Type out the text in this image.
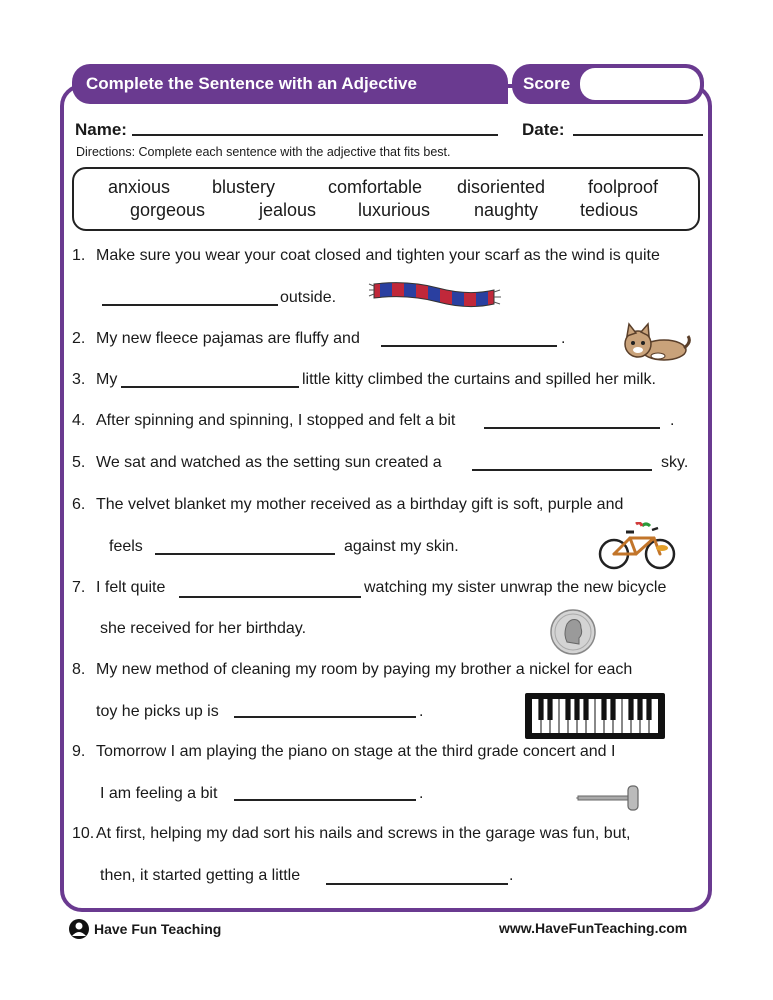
Complete the Sentence with an Adjective	Score
Name:	Date:
Directions: Complete each sentence with the adjective that fits best.
anxious blustery	comfortable disoriented foolproof
gorgeous	jealous luxurious naughty tedious
1. Make sure you wear your coat closed and tighten your scarf as the wind is quite
outside.
2. My new fleece pajamas are fluffy and	.
3. My	little kitty climbed the curtains and spilled her milk.
4. After spinning and spinning, I stopped and felt a bit	.
5. We sat and watched as the setting sun created a	sky.
6. The velvet blanket my mother received as a birthday gift is soft, purple and
feels	against my skin.
7. I felt quite	watching my sister unwrap the new bicycle
she received for her birthday.
8. My new method of cleaning my room by paying my brother a nickel for each
toy he picks up is	.
9. Tomorrow I am playing the piano on stage at the third grade concert and I
I am feeling a bit	.
10. At first, helping my dad sort his nails and screws in the garage was fun, but,
then, it started getting a little	.
Have Fun Teaching	www.HaveFunTeaching.com
